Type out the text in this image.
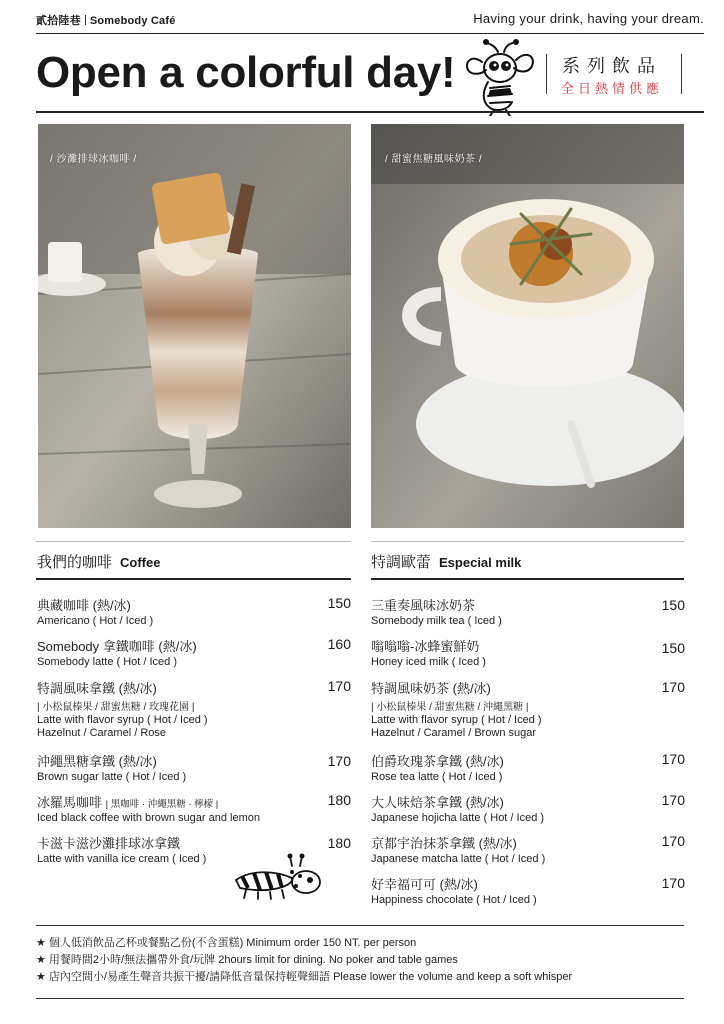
貳拾陸巷 Somebody Café	Having your drink, having your dream.
Open a colorful day!	系列飲品
全日熱情供應
/ 沙灘排球冰咖啡 /	/ 甜蜜焦糖風味奶茶 /
我們的咖啡 Coffee
典藏咖啡 (熱/冰)
Americano ( Hot / Iced )
150
Somebody 拿鐵咖啡 (熱/冰)
Somebody latte ( Hot / Iced )
160
特調風味拿鐵 (熱/冰)
| 小松鼠榛果 / 甜蜜焦糖 / 玫瑰花園 |
Latte with flavor syrup ( Hot / Iced )
Hazelnut / Caramel / Rose
170
沖繩黑糖拿鐵 (熱/冰)
Brown sugar latte ( Hot / Iced )
170
冰羅馬咖啡 | 黑咖啡 · 沖繩黑糖 · 檸檬 |
Iced black coffee with brown sugar and lemon
180
卡滋卡滋沙灘排球冰拿鐵
Latte with vanilla ice cream ( Iced )
180
特調歐蕾 Especial milk
三重奏風味冰奶茶
Somebody milk tea ( Iced )
150
嗡嗡嗡-冰蜂蜜鮮奶
Honey iced milk ( Iced )
150
特調風味奶茶 (熱/冰)
| 小松鼠榛果 / 甜蜜焦糖 / 沖繩黑糖 |
Latte with flavor syrup ( Hot / Iced )
Hazelnut / Caramel / Brown sugar
170
伯爵玫瑰茶拿鐵 (熱/冰)
Rose tea latte ( Hot / Iced )
170
大人味焙茶拿鐵 (熱/冰)
Japanese hojicha latte ( Hot / Iced )
170
京都宇治抹茶拿鐵 (熱/冰)
Japanese matcha latte ( Hot / Iced )
170
好幸福可可 (熱/冰)
Happiness chocolate ( Hot / Iced )
170
★ 個人低消飲品乙杯或餐點乙份(不含蛋糕) Minimum order 150 NT. per person
★ 用餐時間2小時/無法攜帶外食/玩牌 2hours limit for dining. No poker and table games
★ 店內空間小/易產生聲音共振干擾/請降低音量保持輕聲細語 Please lower the volume and keep a soft whisper
